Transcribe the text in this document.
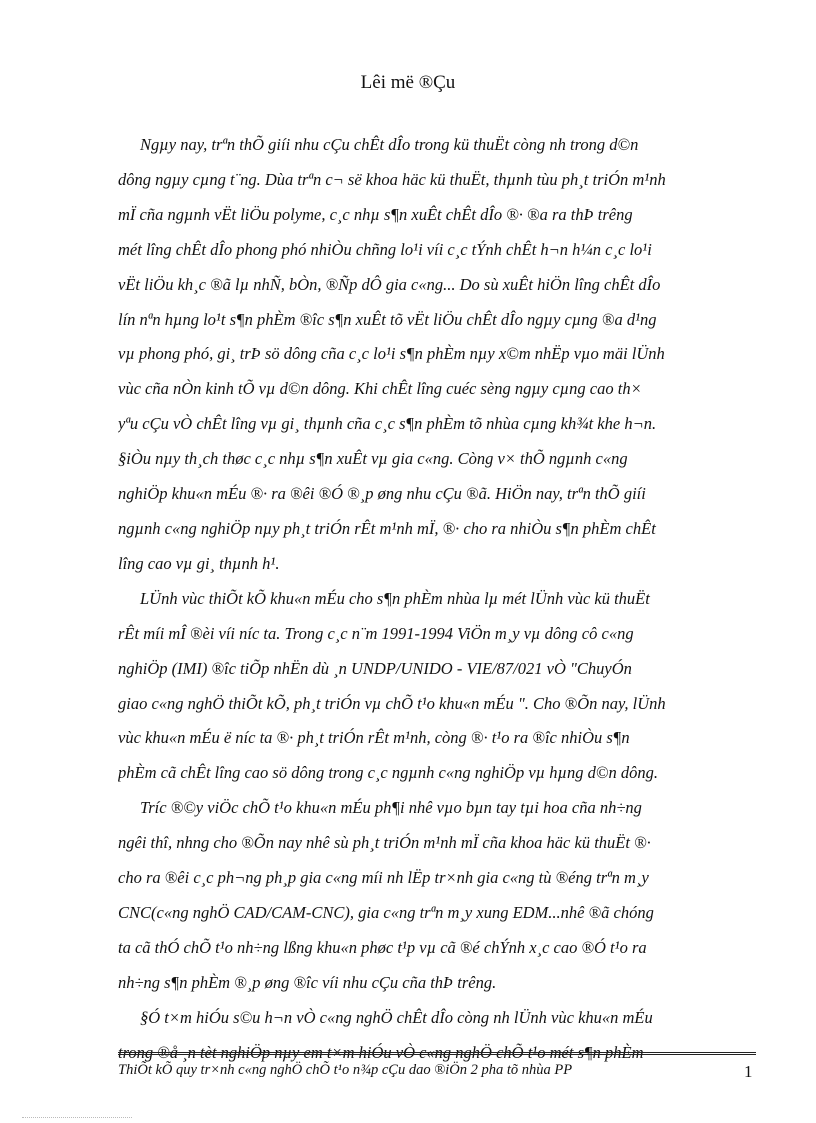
Lêi më ®Çu
Ngµy nay, trªn thÕ giíi nhu cÇu chÊt dÎo trong kü thuËt còng nh trong d©n
dông ngµy cµng t¨ng. Dùa trªn c¬ së khoa häc kü thuËt, thµnh tùu ph¸t triÓn m¹nh
mÏ cña ngµnh vËt liÖu polyme, c¸c nhµ s¶n xuÊt chÊt dÎo ®· ®a ra thÞ trêng
mét lîng chÊt dÎo phong phó nhiÒu chñng lo¹i víi c¸c tÝnh chÊt h¬n h¼n c¸c lo¹i
vËt liÖu kh¸c ®ã lµ nhÑ, bÒn, ®Ñp dÔ gia c«ng... Do sù xuÊt hiÖn lîng chÊt dÎo
lín nªn hµng lo¹t s¶n phÈm ®îc s¶n xuÊt tõ vËt liÖu chÊt dÎo ngµy cµng ®a d¹ng
vµ phong phó, gi¸ trÞ sö dông cña c¸c lo¹i s¶n phÈm nµy x©m nhËp vµo mäi lÜnh
vùc cña nÒn kinh tÕ vµ d©n dông. Khi chÊt lîng cuéc sèng ngµy cµng cao th×
yªu cÇu vÒ chÊt lîng vµ gi¸ thµnh cña c¸c s¶n phÈm tõ nhùa cµng kh¾t khe h¬n.
§iÒu nµy th¸ch thøc c¸c nhµ s¶n xuÊt vµ gia c«ng. Còng v× thÕ ngµnh c«ng
nghiÖp khu«n mÉu ®· ra ®êi ®Ó ®¸p øng nhu cÇu ®ã. HiÖn nay, trªn thÕ giíi
ngµnh c«ng nghiÖp nµy ph¸t triÓn rÊt m¹nh mÏ, ®· cho ra nhiÒu s¶n phÈm chÊt
lîng cao vµ gi¸ thµnh h¹.
LÜnh vùc thiÕt kÕ khu«n mÉu cho s¶n phÈm nhùa lµ mét lÜnh vùc kü thuËt
rÊt míi mÎ ®èi víi níc ta. Trong c¸c n¨m 1991-1994 ViÖn m¸y vµ dông cô c«ng
nghiÖp (IMI) ®îc tiÕp nhËn dù ¸n UNDP/UNIDO - VIE/87/021 vÒ "ChuyÓn
giao c«ng nghÖ thiÕt kÕ, ph¸t triÓn vµ chÕ t¹o khu«n mÉu ". Cho ®Õn nay, lÜnh
vùc khu«n mÉu ë níc ta ®· ph¸t triÓn rÊt m¹nh, còng ®· t¹o ra ®îc nhiÒu s¶n
phÈm cã chÊt lîng cao sö dông trong c¸c ngµnh c«ng nghiÖp vµ hµng d©n dông.
Tríc ®©y viÖc chÕ t¹o khu«n mÉu ph¶i nhê vµo bµn tay tµi hoa cña nh÷ng
ngêi thî, nhng cho ®Õn nay nhê sù ph¸t triÓn m¹nh mÏ cña khoa häc kü thuËt ®·
cho ra ®êi c¸c ph¬ng ph¸p gia c«ng míi nh lËp tr×nh gia c«ng tù ®éng trªn m¸y
CNC(c«ng nghÖ CAD/CAM-CNC), gia c«ng trªn m¸y xung EDM...nhê ®ã chóng
ta cã thÓ chÕ t¹o nh÷ng lßng khu«n phøc t¹p vµ cã ®é chÝnh x¸c cao ®Ó t¹o ra
nh÷ng s¶n phÈm ®¸p øng ®îc víi nhu cÇu cña thÞ trêng.
§Ó t×m hiÓu s©u h¬n vÒ c«ng nghÖ chÊt dÎo còng nh lÜnh vùc khu«n mÉu
trong ®å ¸n tèt nghiÖp nµy em t×m hiÓu vÒ c«ng nghÖ chÕ t¹o mét s¶n phÈm
ThiÕt kÕ quy tr×nh c«ng nghÖ chÕ t¹o n¾p cÇu dao ®iÖn 2 pha tõ nhùa PP	1
